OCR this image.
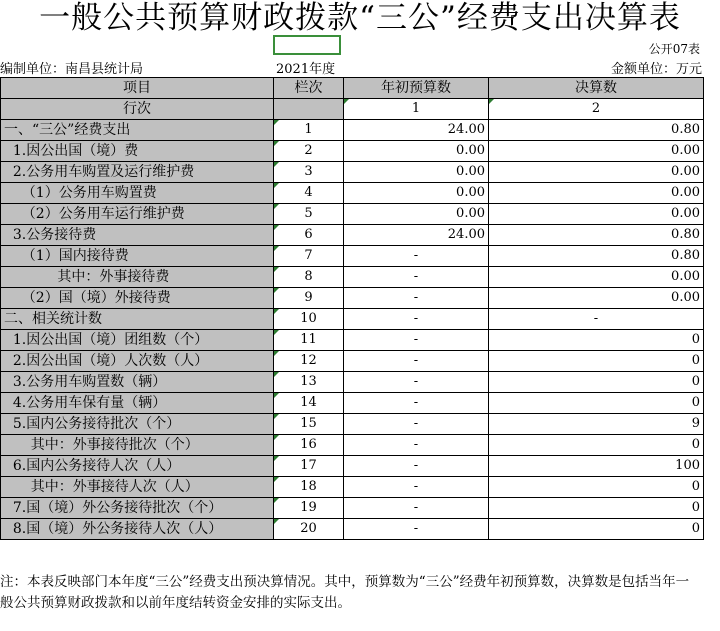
一般公共预算财政拨款“三公”经费支出决算表
公开07表
编制单位：南昌县统计局	2021年度	金额单位：万元
项目	栏次	年初预算数	决算数
行次		1	2
一、“三公”经费支出	1	24.00	0.80
1.因公出国（境）费	2	0.00	0.00
2.公务用车购置及运行维护费	3	0.00	0.00
（1）公务用车购置费	4	0.00	0.00
（2）公务用车运行维护费	5	0.00	0.00
3.公务接待费	6	24.00	0.80
（1）国内接待费	7	-	0.80
其中：外事接待费	8	-	0.00
（2）国（境）外接待费	9	-	0.00
二、相关统计数	10	-	-
1.因公出国（境）团组数（个）	11	-	0
2.因公出国（境）人次数（人）	12	-	0
3.公务用车购置数（辆）	13	-	0
4.公务用车保有量（辆）	14	-	0
5.国内公务接待批次（个）	15	-	9
其中：外事接待批次（个）	16	-	0
6.国内公务接待人次（人）	17	-	100
其中：外事接待人次（人）	18	-	0
7.国（境）外公务接待批次（个）	19	-	0
8.国（境）外公务接待人次（人）	20	-	0
注：本表反映部门本年度“三公”经费支出预决算情况。其中，预算数为“三公”经费年初预算数，决算数是包括当年一般公共预算财政拨款和以前年度结转资金安排的实际支出。
